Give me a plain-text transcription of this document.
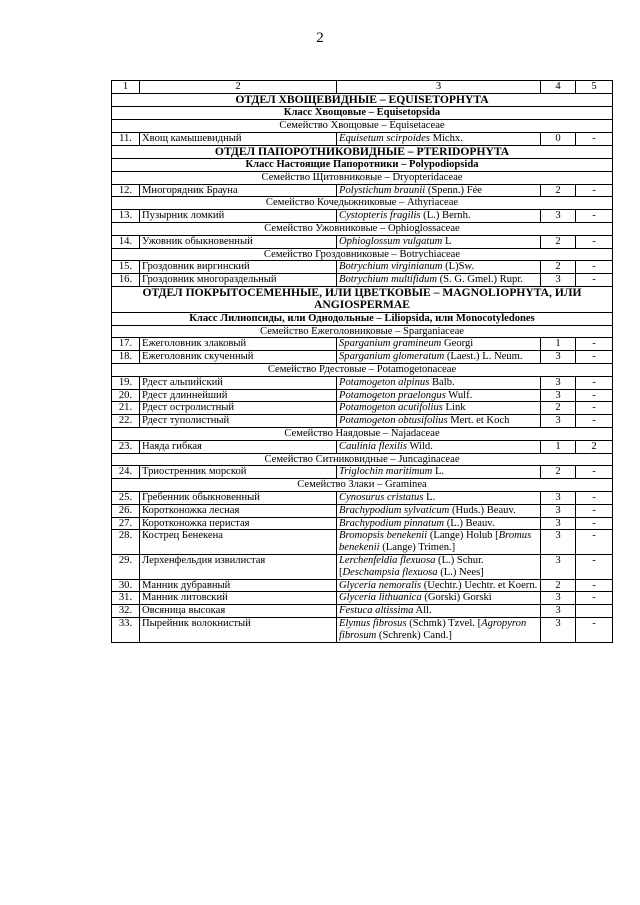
2
1	2	3	4	5
ОТДЕЛ ХВОЩЕВИДНЫЕ – EQUISETOPHYTA				
Класс Хвощовые – Equisetopsida				
Семейство Хвощовые – Equisetaceae				
11.	Хвощ камышевидный	Equisetum scirpoides Michx.	0	-
ОТДЕЛ ПАПОРОТНИКОВИДНЫЕ – PTERIDOPHYTA				
Класс Настоящие Папоротники – Polypodiopsida				
Семейство Щитовниковые – Dryopteridaceae				
12.	Многорядник Брауна	Polystichum braunii (Spenn.) Fée	2	-
Семейство Кочедыжниковые – Athyriaceae				
13.	Пузырник ломкий	Cystopteris fragilis (L.) Bernh.	3	-
Семейство Ужовниковые – Ophioglossaceae				
14.	Ужовник обыкновенный	Ophioglossum vulgatum L	2	-
Семейство Гроздовниковые – Botrychiaceae				
15.	Гроздовник виргинский	Botrychium virginianum (L)Sw.	2	-
16.	Гроздовник многораздельный	Botrychium multifidum (S. G. Gmel.) Rupr.	3	-
ОТДЕЛ ПОКРЫТОСЕМЕННЫЕ, ИЛИ ЦВЕТКОВЫЕ – MAGNOLIOPHYTA, ИЛИ ANGIOSPERMAE				
Класс Лилиопсиды, или Однодольные – Liliopsida, или Monocotyledones				
Семейство Ежеголовниковые – Sparganiaceae				
17.	Ежеголовник злаковый	Sparganium gramineum Georgi	1	-
18.	Ежеголовник скученный	Sparganium glomeratum (Laest.) L. Neum.	3	-
Семейство Рдестовые – Potamogetonaceae				
19.	Рдест альпийский	Potamogeton alpinus Balb.	3	-
20.	Рдест длиннейший	Potamogeton praelongus Wulf.	3	-
21.	Рдест остролистный	Potamogeton acutifolius Link	2	-
22.	Рдест туполистный	Potamogeton obtusifolius Mert. et Koch	3	-
Семейство Наядовые – Najadaceae				
23.	Наяда гибкая	Caulinia flexilis Wild.	1	2
Семейство Ситниковидные – Juncaginaceae				
24.	Триостренник морской	Triglochin maritimum L.	2	-
Семейство Злаки – Graminea				
25.	Гребенник обыкновенный	Cynosurus cristatus L.	3	-
26.	Коротконожка лесная	Brachypodium sylvaticum (Huds.) Beauv.	3	-
27.	Коротконожка перистая	Brachypodium pinnatum (L.) Beauv.	3	-
28.	Кострец Бенекена	Bromopsis benekenii (Lange) Holub [Bromus benekenii (Lange) Trimen.]	3	-
29.	Лерхенфельдия извилистая	Lerchenfeldia flexuosa (L.) Schur. [Deschampsia flexuosa (L.) Nees]	3	-
30.	Манник дубравный	Glyceria nemoralis (Uechtr.) Uechtr. et Koern.	2	-
31.	Манник литовский	Glyceria lithuanica (Gorski) Gorski	3	-
32.	Овсяница высокая	Festuca altissima All.	3	
33.	Пырейник волокнистый	Elymus fibrosus (Schmk) Tzvel. [Agropyron fibrosum (Schrenk) Cand.]	3	-
